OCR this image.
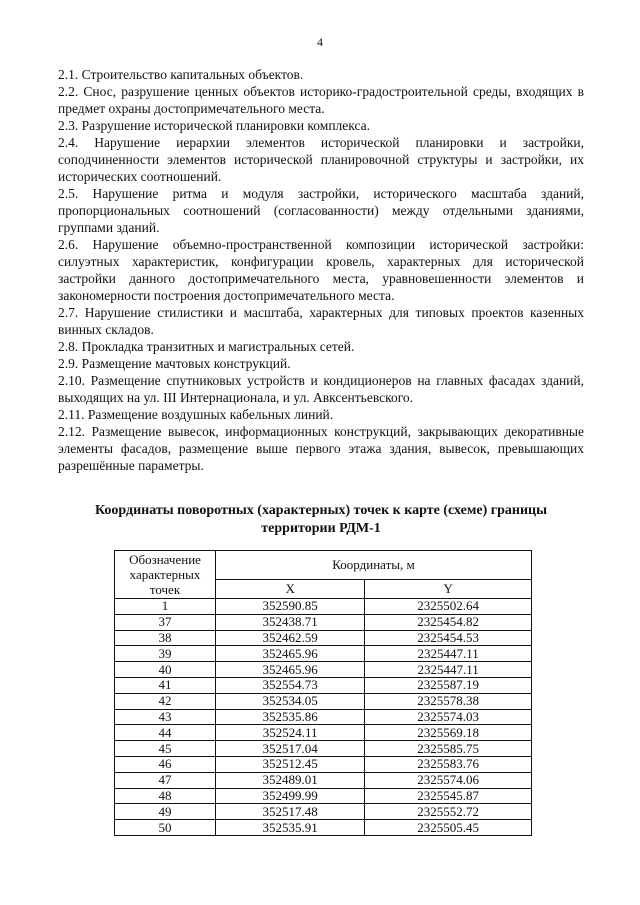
4

2.1. Строительство капитальных объектов.

2.2. Снос, разрушение ценных объектов историко-градостроительной среды, входящих в предмет охраны достопримечательного места.

2.3. Разрушение исторической планировки комплекса.

2.4. Нарушение иерархии элементов исторической планировки и застройки, соподчиненности элементов исторической планировочной структуры и застройки, их исторических соотношений.

2.5. Нарушение ритма и модуля застройки, исторического масштаба зданий, пропорциональных соотношений (согласованности) между отдельными зданиями, группами зданий.

2.6. Нарушение объемно-пространственной композиции исторической застройки: силуэтных характеристик, конфигурации кровель, характерных для исторической застройки данного достопримечательного места, уравновешенности элементов и закономерности построения достопримечательного места.

2.7. Нарушение стилистики и масштаба, характерных для типовых проектов казенных винных складов.

2.8. Прокладка транзитных и магистральных сетей.

2.9. Размещение мачтовых конструкций.

2.10. Размещение спутниковых устройств и кондиционеров на главных фасадах зданий, выходящих на ул. III Интернационала, и ул. Авксентьевского.

2.11. Размещение воздушных кабельных линий.

2.12. Размещение вывесок, информационных конструкций, закрывающих декоративные элементы фасадов, размещение выше первого этажа здания, вывесок, превышающих разрешённые параметры.

Координаты поворотных (характерных) точек к карте (схеме) границы территории РДМ-1
Обозначение характерных точек	Координаты, м	
	X	Y
1	352590.85	2325502.64
37	352438.71	2325454.82
38	352462.59	2325454.53
39	352465.96	2325447.11
40	352465.96	2325447.11
41	352554.73	2325587.19
42	352534.05	2325578.38
43	352535.86	2325574.03
44	352524.11	2325569.18
45	352517.04	2325585.75
46	352512.45	2325583.76
47	352489.01	2325574.06
48	352499.99	2325545.87
49	352517.48	2325552.72
50	352535.91	2325505.45
